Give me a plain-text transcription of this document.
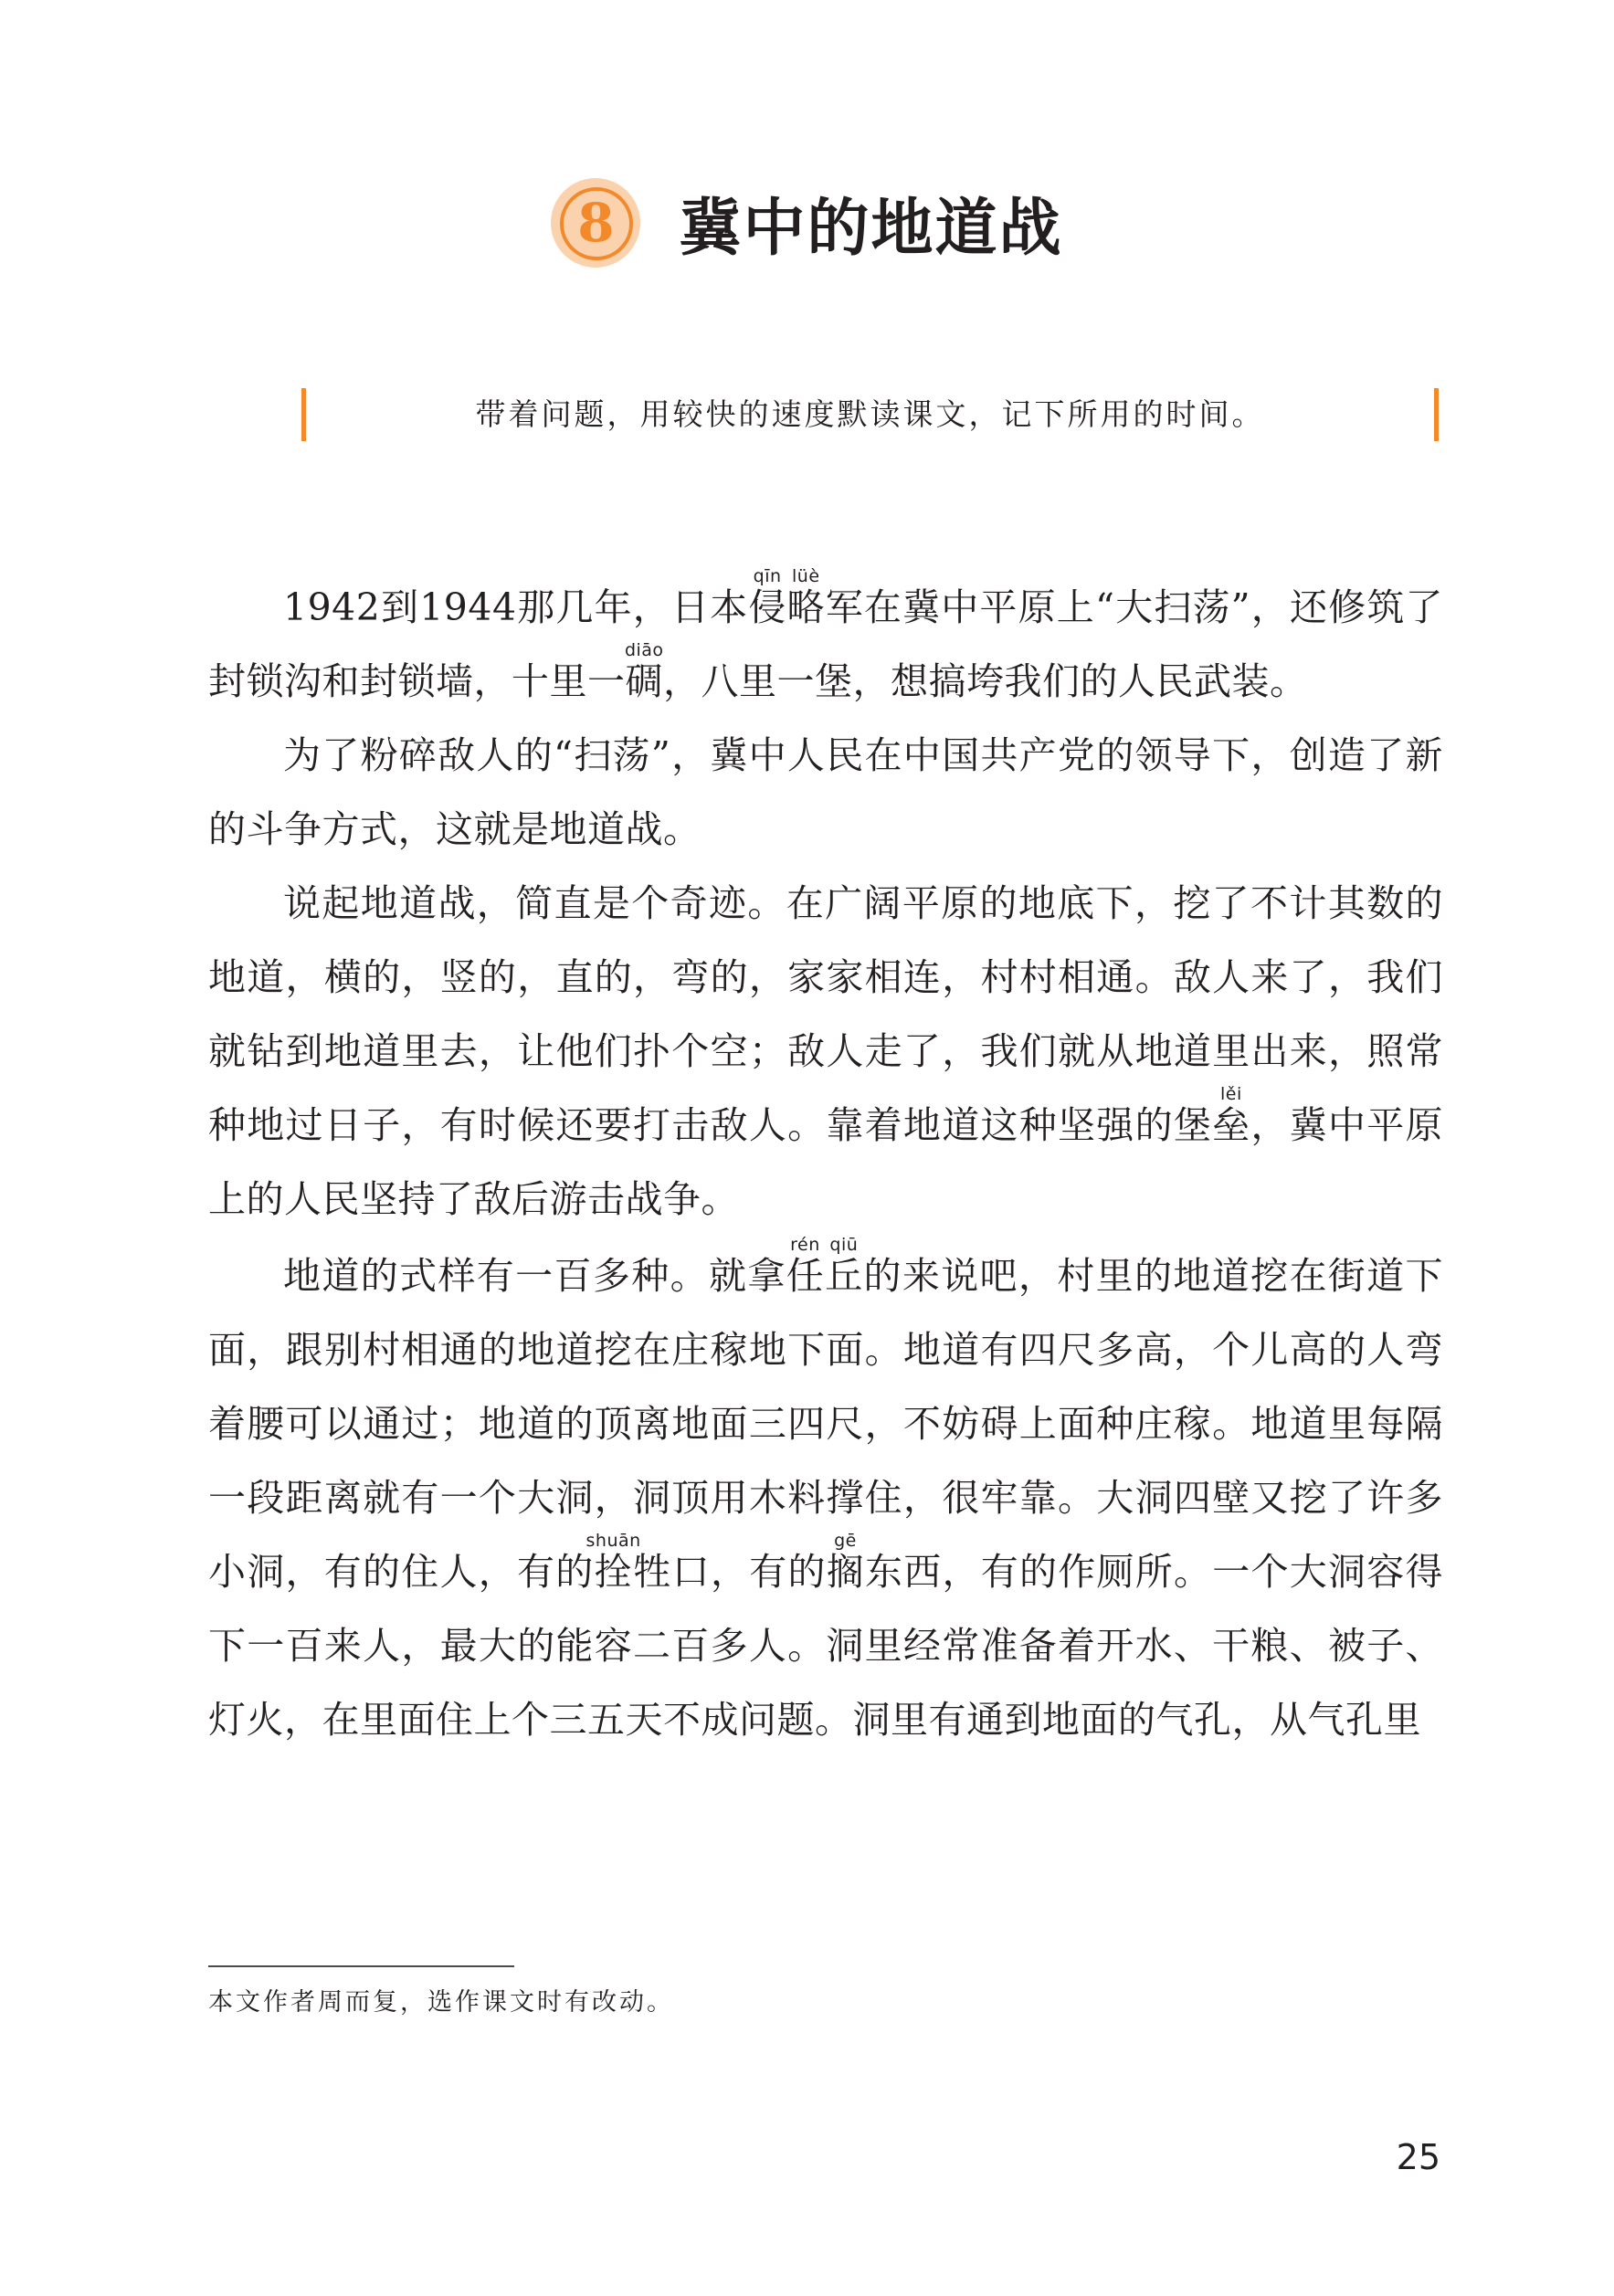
8	冀中的地道战
带着问题，用较快的速度默读课文，记下所用的时间。

1942到1944那几年，日本侵qīn略lüè军在冀中平原上“大扫荡”，还修筑了封锁沟和封锁墙，十里一碉diāo，八里一堡，想搞垮我们的人民武装。

为了粉碎敌人的“扫荡”，冀中人民在中国共产党的领导下，创造了新的斗争方式，这就是地道战。

说起地道战，简直是个奇迹。在广阔平原的地底下，挖了不计其数的地道，横的，竖的，直的，弯的，家家相连，村村相通。敌人来了，我们就钻到地道里去，让他们扑个空；敌人走了，我们就从地道里出来，照常种地过日子，有时候还要打击敌人。靠着地道这种坚强的堡垒lěi，冀中平原上的人民坚持了敌后游击战争。

地道的式样有一百多种。就拿任rén丘qiū的来说吧，村里的地道挖在街道下面，跟别村相通的地道挖在庄稼地下面。地道有四尺多高，个儿高的人弯着腰可以通过；地道的顶离地面三四尺，不妨碍上面种庄稼。地道里每隔一段距离就有一个大洞，洞顶用木料撑住，很牢靠。大洞四壁又挖了许多小洞，有的住人，有的拴shuān牲口，有的搁gē东西，有的作厕所。一个大洞容得下一百来人，最大的能容二百多人。洞里经常准备着开水、干粮、被子、灯火，在里面住上个三五天不成问题。洞里有通到地面的气孔，从气孔里

本文作者周而复，选作课文时有改动。
25
